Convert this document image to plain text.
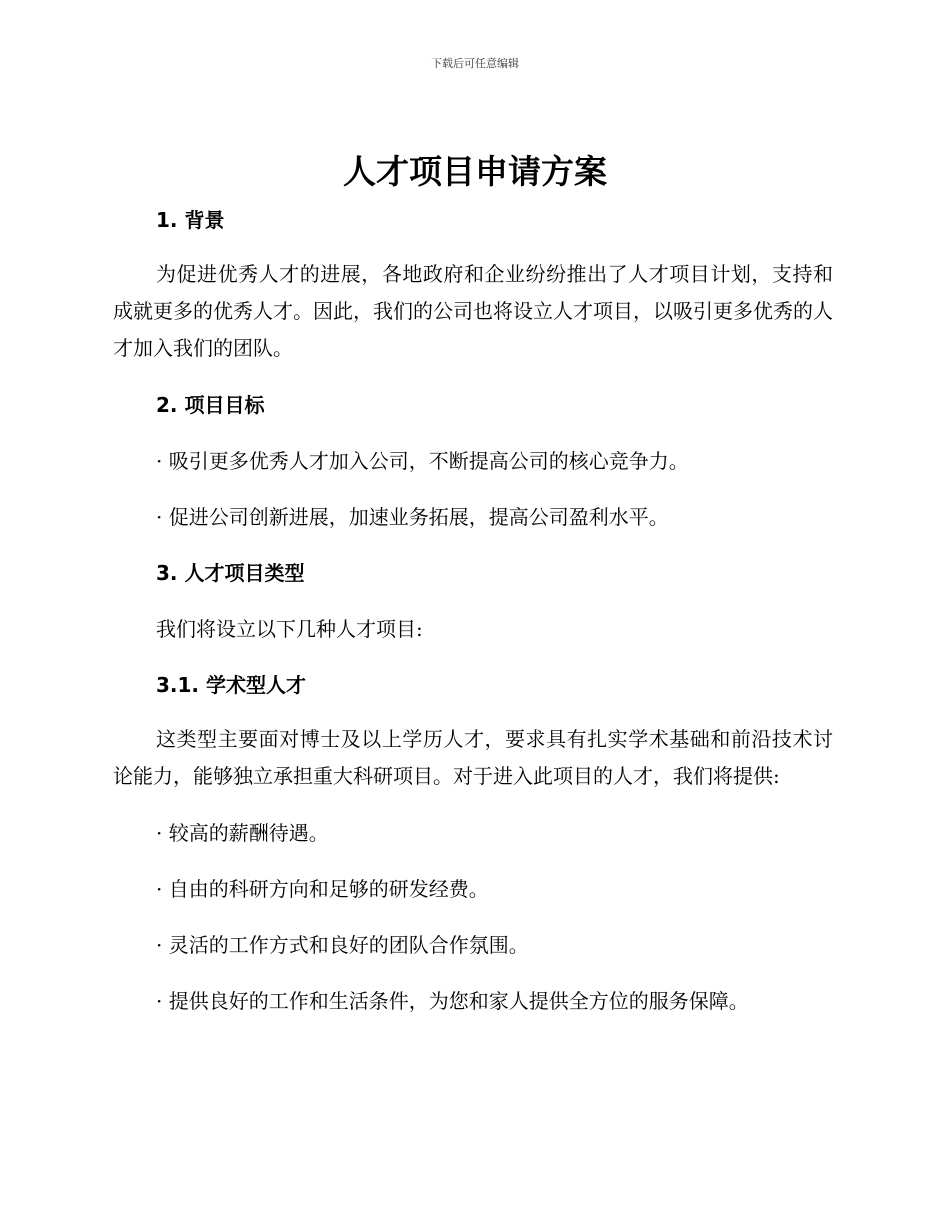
下载后可任意编辑
人才项目申请方案
1. 背景

为促进优秀人才的进展，各地政府和企业纷纷推出了人才项目计划，支持和成就更多的优秀人才。因此，我们的公司也将设立人才项目，以吸引更多优秀的人才加入我们的团队。

2. 项目目标

· 吸引更多优秀人才加入公司，不断提高公司的核心竞争力。

· 促进公司创新进展，加速业务拓展，提高公司盈利水平。

3. 人才项目类型

我们将设立以下几种人才项目:

3.1. 学术型人才

这类型主要面对博士及以上学历人才，要求具有扎实学术基础和前沿技术讨论能力，能够独立承担重大科研项目。对于进入此项目的人才，我们将提供:

· 较高的薪酬待遇。

· 自由的科研方向和足够的研发经费。

· 灵活的工作方式和良好的团队合作氛围。

· 提供良好的工作和生活条件，为您和家人提供全方位的服务保障。
